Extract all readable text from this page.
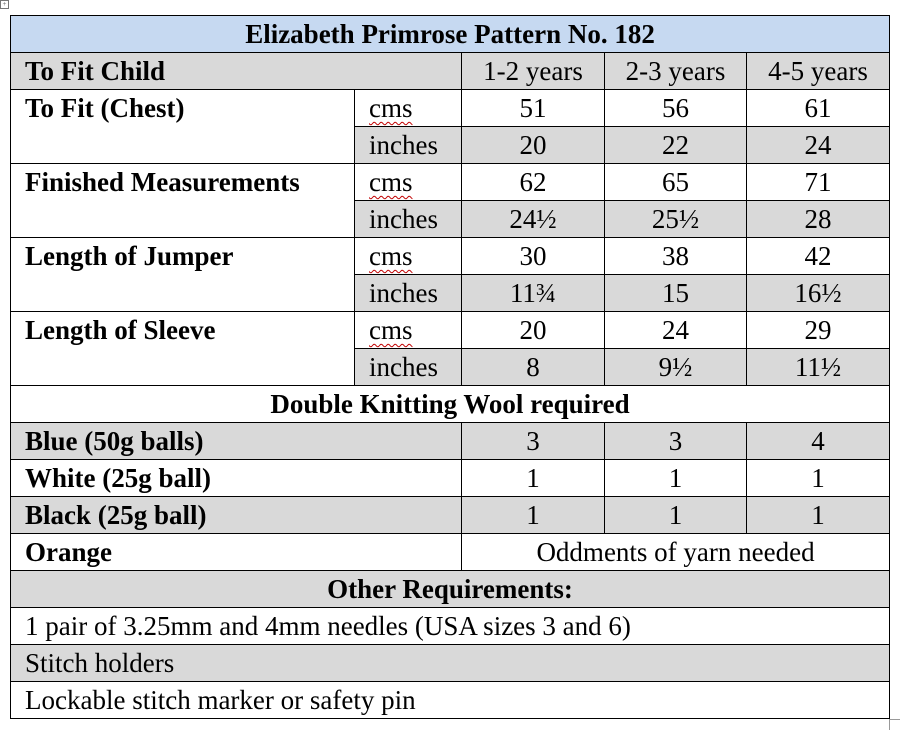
+
Elizabeth Primrose Pattern No. 182				
To Fit Child		1-2 years	2-3 years	4-5 years
To Fit (Chest)	cms	51	56	61
	inches	20	22	24
Finished Measurements	cms	62	65	71
	inches	24½	25½	28
Length of Jumper	cms	30	38	42
	inches	11¾	15	16½
Length of Sleeve	cms	20	24	29
	inches	8	9½	11½
Double Knitting Wool required				
Blue (50g balls)		3	3	4
White (25g ball)		1	1	1
Black (25g ball)		1	1	1
Orange		Oddments of yarn needed		
Other Requirements:				
1 pair of 3.25mm and 4mm needles (USA sizes 3 and 6)				
Stitch holders				
Lockable stitch marker or safety pin				
